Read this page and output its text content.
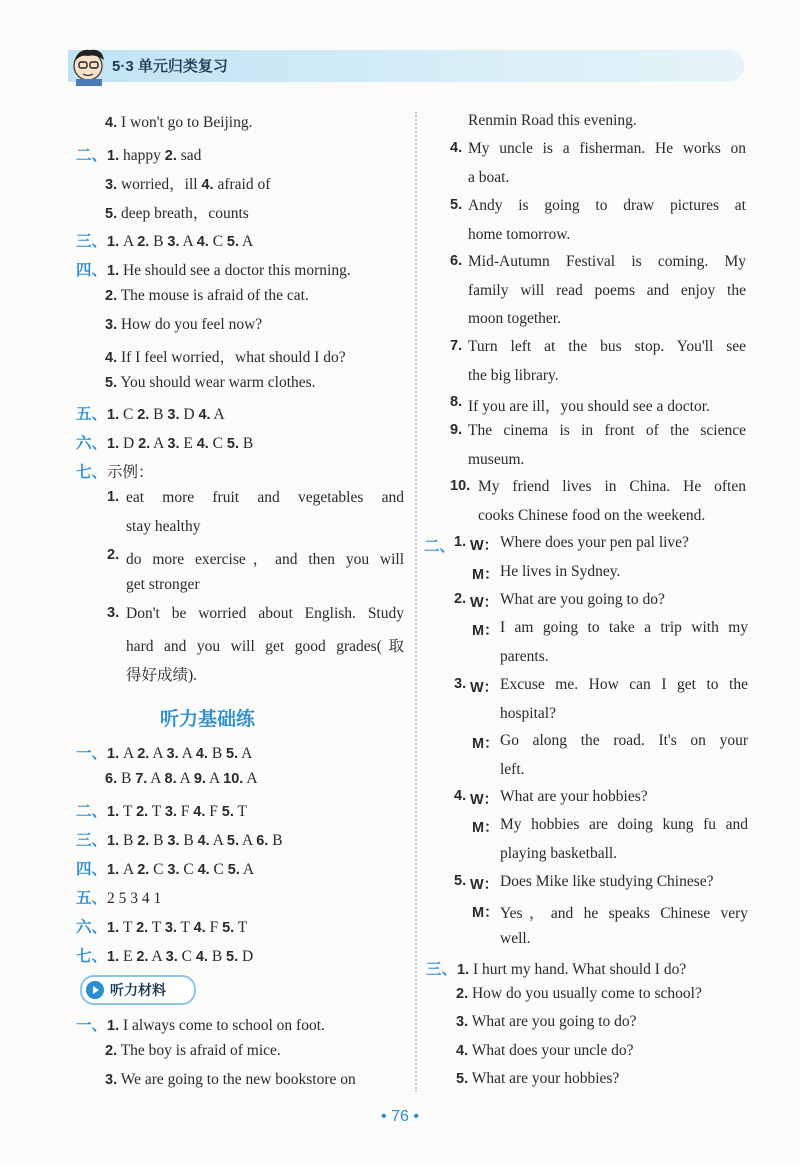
5·3 单元归类复习
4. I won't go to Beijing.
二、1. happy 2. sad
3. worried，ill 4. afraid of
5. deep breath，counts
三、1. A 2. B 3. A 4. C 5. A
四、1. He should see a doctor this morning.
2. The mouse is afraid of the cat.
3. How do you feel now?
4. If I feel worried，what should I do?
5. You should wear warm clothes.
五、1. C 2. B 3. D 4. A
六、1. D 2. A 3. E 4. C 5. B
七、示例：
1. eat more fruit and vegetables and
stay healthy
2. do more exercise，and then you will
get stronger
3. Don't be worried about English. Study
hard and you will get good grades(取
得好成绩).
听力基础练
一、1. A 2. A 3. A 4. B 5. A
6. B 7. A 8. A 9. A 10. A
二、1. T 2. T 3. F 4. F 5. T
三、1. B 2. B 3. B 4. A 5. A 6. B
四、1. A 2. C 3. C 4. C 5. A
五、2 5 3 4 1
六、1. T 2. T 3. T 4. F 5. T
七、1. E 2. A 3. C 4. B 5. D
听力材料
一、1. I always come to school on foot.
2. The boy is afraid of mice.
3. We are going to the new bookstore on
Renmin Road this evening.
4. My uncle is a fisherman. He works on
a boat.
5. Andy is going to draw pictures at
home tomorrow.
6. Mid-Autumn Festival is coming. My
family will read poems and enjoy the
moon together.
7. Turn left at the bus stop. You'll see
the big library.
8. If you are ill，you should see a doctor.
9. The cinema is in front of the science
museum.
10. My friend lives in China. He often
cooks Chinese food on the weekend.
二、
1. W： Where does your pen pal live?
M： He lives in Sydney.
2. W： What are you going to do?
M： I am going to take a trip with my
parents.
3. W： Excuse me. How can I get to the
hospital?
M： Go along the road. It's on your
left.
4. W： What are your hobbies?
M： My hobbies are doing kung fu and
playing basketball.
5. W： Does Mike like studying Chinese?
M： Yes，and he speaks Chinese very
well.
三、1. I hurt my hand. What should I do?
2. How do you usually come to school?
3. What are you going to do?
4. What does your uncle do?
5. What are your hobbies?
• 76 •
